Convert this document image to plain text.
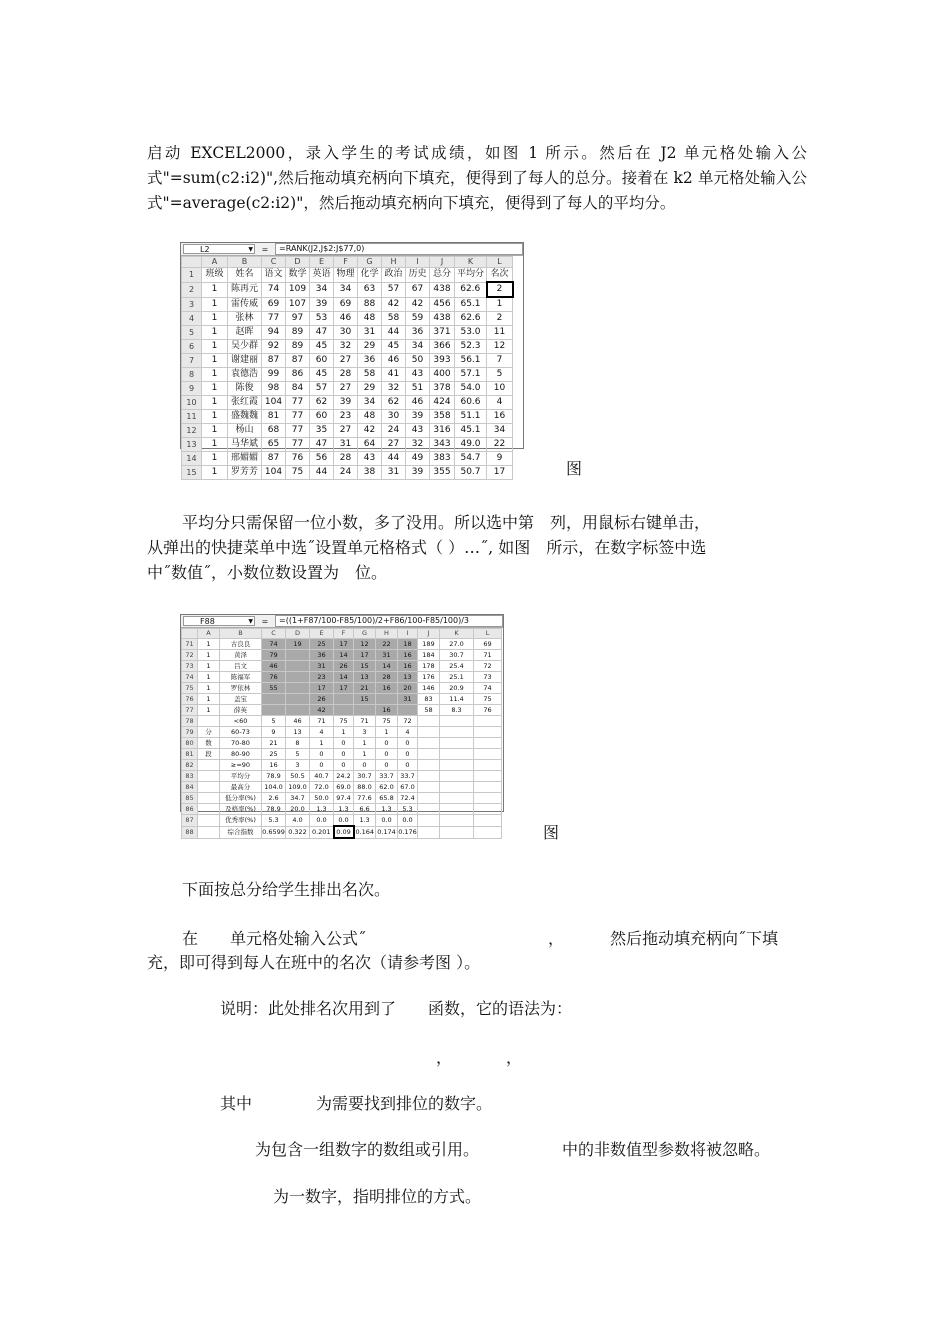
启动 EXCEL2000，录入学生的考试成绩，如图 1 所示。然后在 J2 单元格处输入公式"=sum(c2:i2)",然后拖动填充柄向下填充，便得到了每人的总分。接着在 k2 单元格处输入公式"=average(c2:i2)"，然后拖动填充柄向下填充，便得到了每人的平均分。

L2	▼	=	=RANK(J2,J$2:J$77,0)
	A	B	C	D	E	F	G	H	I	J	K	L
1	班级	姓名	语文	数学	英语	物理	化学	政治	历史	总分	平均分	名次
2	1	陈再元	74	109	34	34	63	57	67	438	62.6	2
3	1	雷传威	69	107	39	69	88	42	42	456	65.1	1
4	1	张林	77	97	53	46	48	58	59	438	62.6	2
5	1	赵晖	94	89	47	30	31	44	36	371	53.0	11
6	1	吴少群	92	89	45	32	29	45	34	366	52.3	12
7	1	谢建丽	87	87	60	27	36	46	50	393	56.1	7
8	1	袁德浩	99	86	45	28	58	41	43	400	57.1	5
9	1	陈俊	98	84	57	27	29	32	51	378	54.0	10
10	1	张红霞	104	77	62	39	34	62	46	424	60.6	4
11	1	盛魏魏	81	77	60	23	48	30	39	358	51.1	16
12	1	杨山	68	77	35	27	42	24	43	316	45.1	34
13	1	马华斌	65	77	47	31	64	27	32	343	49.0	22
14	1	邢媚媚	87	76	56	28	43	44	49	383	54.7	9
15	1	罗芳芳	104	75	44	24	38	31	39	355	50.7	17	图
平均分只需保留一位小数，多了没用。所以选中第　列，用鼠标右键单击，
从弹出的快捷菜单中选˝设置单元格格式（ ）…˝, 如图　所示，在数字标签中选
中˝数值˝，小数位数设置为　位。
F88	▼	=	=((1+F87/100-F85/100)/2+F86/100-F85/100)/3
	A	B	C	D	E	F	G	H	I	J	K	L
71	1	古良良	74	19	25	17	12	22	18	189	27.0	69
72	1	黄泽	79		36	14	17	31	16	184	30.7	71
73	1	吕文	46		31	26	15	14	16	178	25.4	72
74	1	陈福军	76		23	14	13	28	13	176	25.1	73
75	1	罗依林	55		17	17	21	16	20	146	20.9	74
76	1	盖宝			26		15		31	83	11.4	75
77	1	薛英			42			16		58	8.3	76
78		<60	5	46	71	75	71	75	72			
79	分	60-73	9	13	4	1	3	1	4			
80	数	70-80	21	8	1	0	1	0	0			
81	段	80-90	25	5	0	0	1	0	0			
82		≥=90	16	3	0	0	0	0	0			
83		平均分	78.9	50.5	40.7	24.2	30.7	33.7	33.7			
84		最高分	104.0	109.0	72.0	69.0	88.0	62.0	67.0			
85		低分率(%)	2.6	34.7	50.0	97.4	77.6	65.8	72.4			
86		及格率(%)	78.9	20.0	1.3	1.3	6.6	1.3	5.3			
87		优秀率(%)	5.3	4.0	0.0	0.0	1.3	0.0	0.0			
88		综合指数	0.6599	0.322	0.201	0.09	0.164	0.174	0.176				图
下面按总分给学生排出名次。
在　　单元格处输入公式˝	，	然后拖动填充柄向˝下填
充，即可得到每人在班中的名次（请参考图 ）。
说明：此处排名次用到了　　函数，它的语法为：
，	，
其中　　　　为需要找到排位的数字。
为包含一组数字的数组或引用。	中的非数值型参数将被忽略。
为一数字，指明排位的方式。
